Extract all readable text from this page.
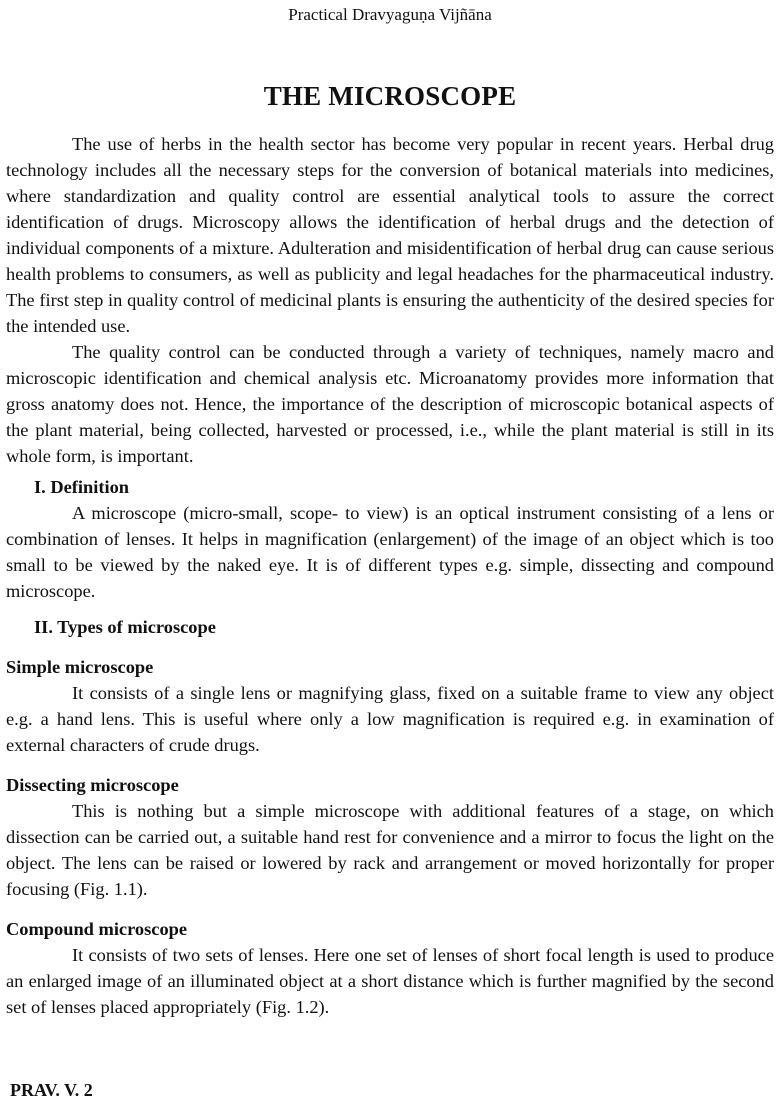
Practical Dravyaguṇa Vijñāna
THE MICROSCOPE

The use of herbs in the health sector has become very popular in recent years. Herbal drug technology includes all the necessary steps for the conversion of botanical materials into medicines, where standardization and quality control are essential analytical tools to assure the correct identification of drugs. Microscopy allows the identification of herbal drugs and the detection of individual components of a mixture. Adulteration and misidentification of herbal drug can cause serious health problems to consumers, as well as publicity and legal headaches for the pharmaceutical industry. The first step in quality control of medicinal plants is ensuring the authenticity of the desired species for the intended use.

The quality control can be conducted through a variety of techniques, namely macro and microscopic identification and chemical analysis etc. Microanatomy provides more information that gross anatomy does not. Hence, the importance of the description of microscopic botanical aspects of the plant material, being collected, harvested or processed, i.e., while the plant material is still in its whole form, is important.

I. Definition

A microscope (micro-small, scope- to view) is an optical instrument consisting of a lens or combination of lenses. It helps in magnification (enlargement) of the image of an object which is too small to be viewed by the naked eye. It is of different types e.g. simple, dissecting and compound microscope.

II. Types of microscope
Simple microscope

It consists of a single lens or magnifying glass, fixed on a suitable frame to view any object e.g. a hand lens. This is useful where only a low magnification is required e.g. in examination of external characters of crude drugs.

Dissecting microscope

This is nothing but a simple microscope with additional features of a stage, on which dissection can be carried out, a suitable hand rest for convenience and a mirror to focus the light on the object. The lens can be raised or lowered by rack and arrangement or moved horizontally for proper focusing (Fig. 1.1).

Compound microscope

It consists of two sets of lenses. Here one set of lenses of short focal length is used to produce an enlarged image of an illuminated object at a short distance which is further magnified by the second set of lenses placed appropriately (Fig. 1.2).

PRAV. V. 2
